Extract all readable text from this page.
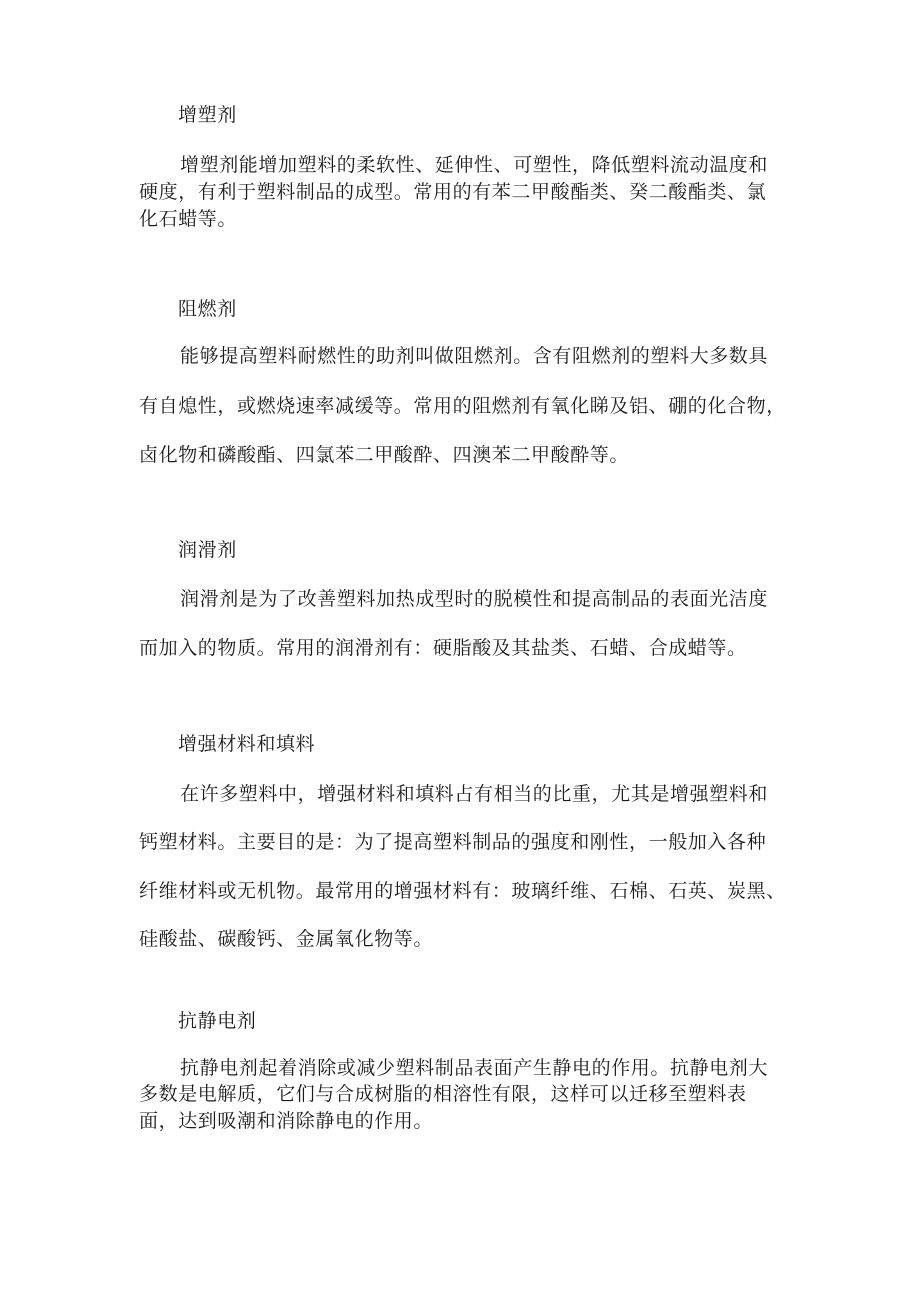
增塑剂
增塑剂能增加塑料的柔软性、延伸性、可塑性，降低塑料流动温度和
硬度，有利于塑料制品的成型。常用的有苯二甲酸酯类、癸二酸酯类、氯
化石蜡等。
阻燃剂
能够提高塑料耐燃性的助剂叫做阻燃剂。含有阻燃剂的塑料大多数具
有自熄性，或燃烧速率减缓等。常用的阻燃剂有氧化睇及铝、硼的化合物，
卤化物和磷酸酯、四氯苯二甲酸酔、四澳苯二甲酸酔等。
润滑剂
润滑剂是为了改善塑料加热成型时的脱模性和提高制品的表面光洁度
而加入的物质。常用的润滑剂有：硬脂酸及其盐类、石蜡、合成蜡等。
增强材料和填料
在许多塑料中，增强材料和填料占有相当的比重，尤其是增强塑料和
钙塑材料。主要目的是：为了提高塑料制品的强度和刚性，一般加入各种
纤维材料或无机物。最常用的增强材料有：玻璃纤维、石棉、石英、炭黑、
硅酸盐、碳酸钙、金属氧化物等。
抗静电剂
抗静电剂起着消除或减少塑料制品表面产生静电的作用。抗静电剂大
多数是电解质，它们与合成树脂的相溶性有限，这样可以迁移至塑料表
面，达到吸潮和消除静电的作用。
